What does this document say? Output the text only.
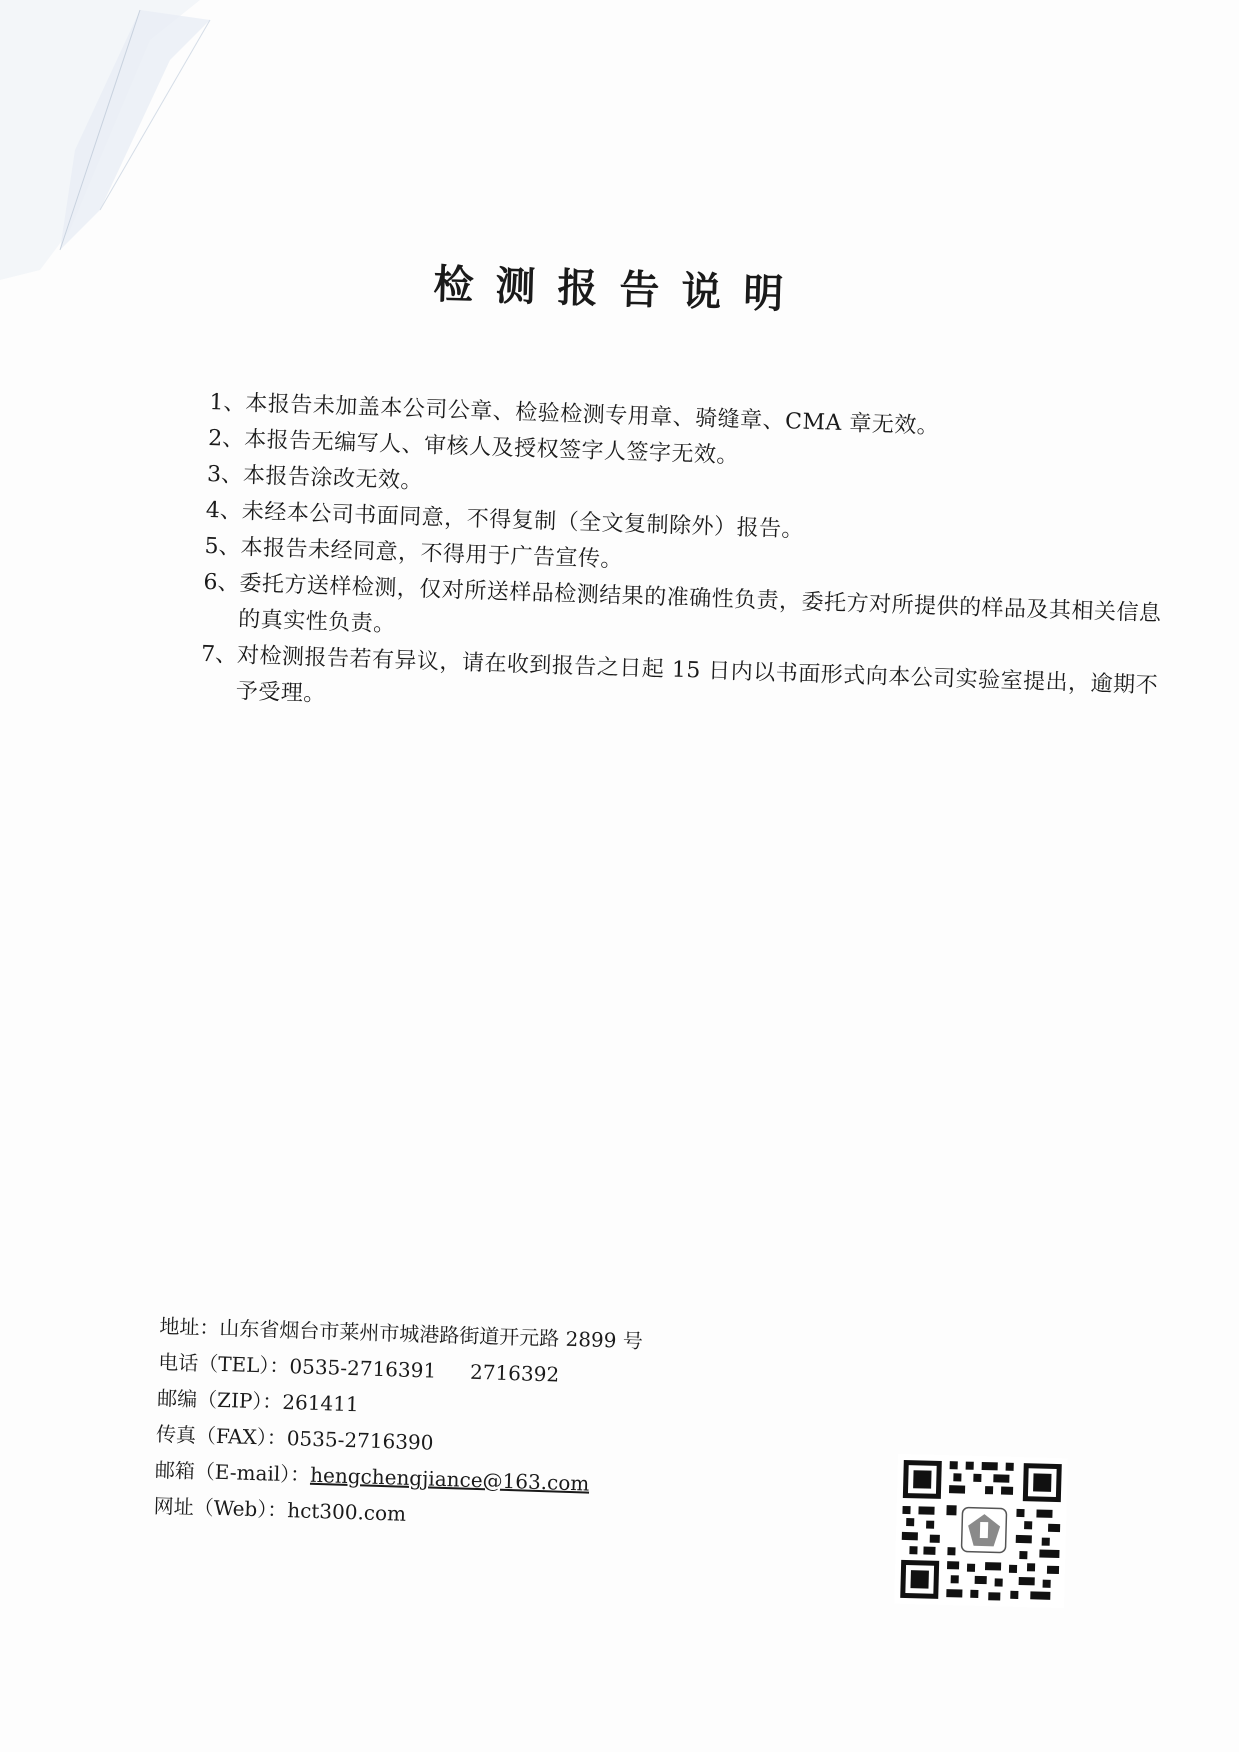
检测报告说明
1、 本报告未加盖本公司公章、检验检测专用章、骑缝章、CMA 章无效。
2、 本报告无编写人、审核人及授权签字人签字无效。
3、 本报告涂改无效。
4、 未经本公司书面同意，不得复制（全文复制除外）报告。
5、 本报告未经同意，不得用于广告宣传。
6、 委托方送样检测，仅对所送样品检测结果的准确性负责，委托方对所提供的样品及其相关信息的真实性负责。
7、 对检测报告若有异议，请在收到报告之日起 15 日内以书面形式向本公司实验室提出，逾期不予受理。
地址：山东省烟台市莱州市城港路街道开元路 2899 号
电话（TEL）：0535-2716391 2716392
邮编（ZIP）：261411
传真（FAX）：0535-2716390
邮箱（E-mail）：hengchengjiance@163.com
网址（Web）：hct300.com
